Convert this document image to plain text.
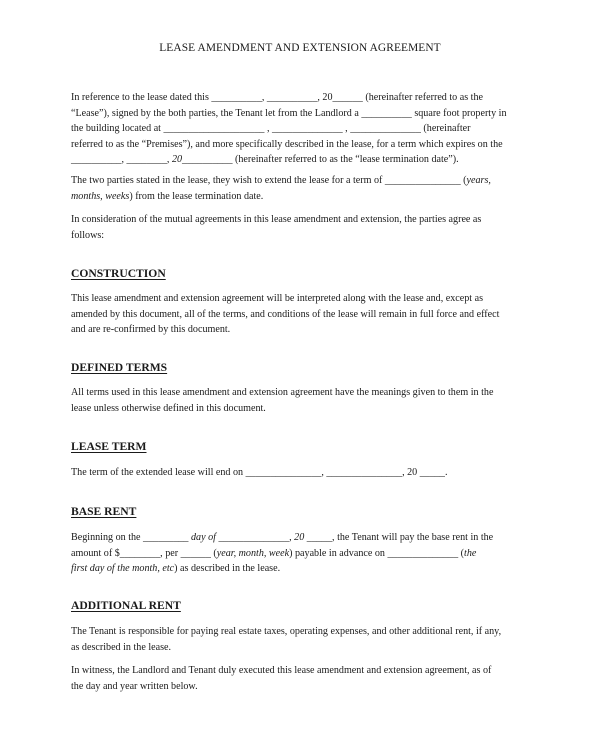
LEASE AMENDMENT AND EXTENSION AGREEMENT
In reference to the lease dated this __________, __________, 20______ (hereinafter referred to as the
“Lease”), signed by the both parties, the Tenant let from the Landlord a __________ square foot property in
the building located at ____________________ , ______________ , ______________ (hereinafter
referred to as the “Premises”), and more specifically described in the lease, for a term which expires on the
__________, ________, 20__________ (hereinafter referred to as the “lease termination date”).
The two parties stated in the lease, they wish to extend the lease for a term of _______________ (years,
months, weeks) from the lease termination date.
In consideration of the mutual agreements in this lease amendment and extension, the parties agree as
follows:
CONSTRUCTION
This lease amendment and extension agreement will be interpreted along with the lease and, except as
amended by this document, all of the terms, and conditions of the lease will remain in full force and effect
and are re-confirmed by this document.
DEFINED TERMS
All terms used in this lease amendment and extension agreement have the meanings given to them in the
lease unless otherwise defined in this document.
LEASE TERM
The term of the extended lease will end on _______________, _______________, 20 _____.
BASE RENT
Beginning on the _________ day of ______________, 20 _____, the Tenant will pay the base rent in the
amount of $________, per ______ (year, month, week) payable in advance on ______________ (the
first day of the month, etc) as described in the lease.
ADDITIONAL RENT
The Tenant is responsible for paying real estate taxes, operating expenses, and other additional rent, if any,
as described in the lease.
In witness, the Landlord and Tenant duly executed this lease amendment and extension agreement, as of
the day and year written below.
